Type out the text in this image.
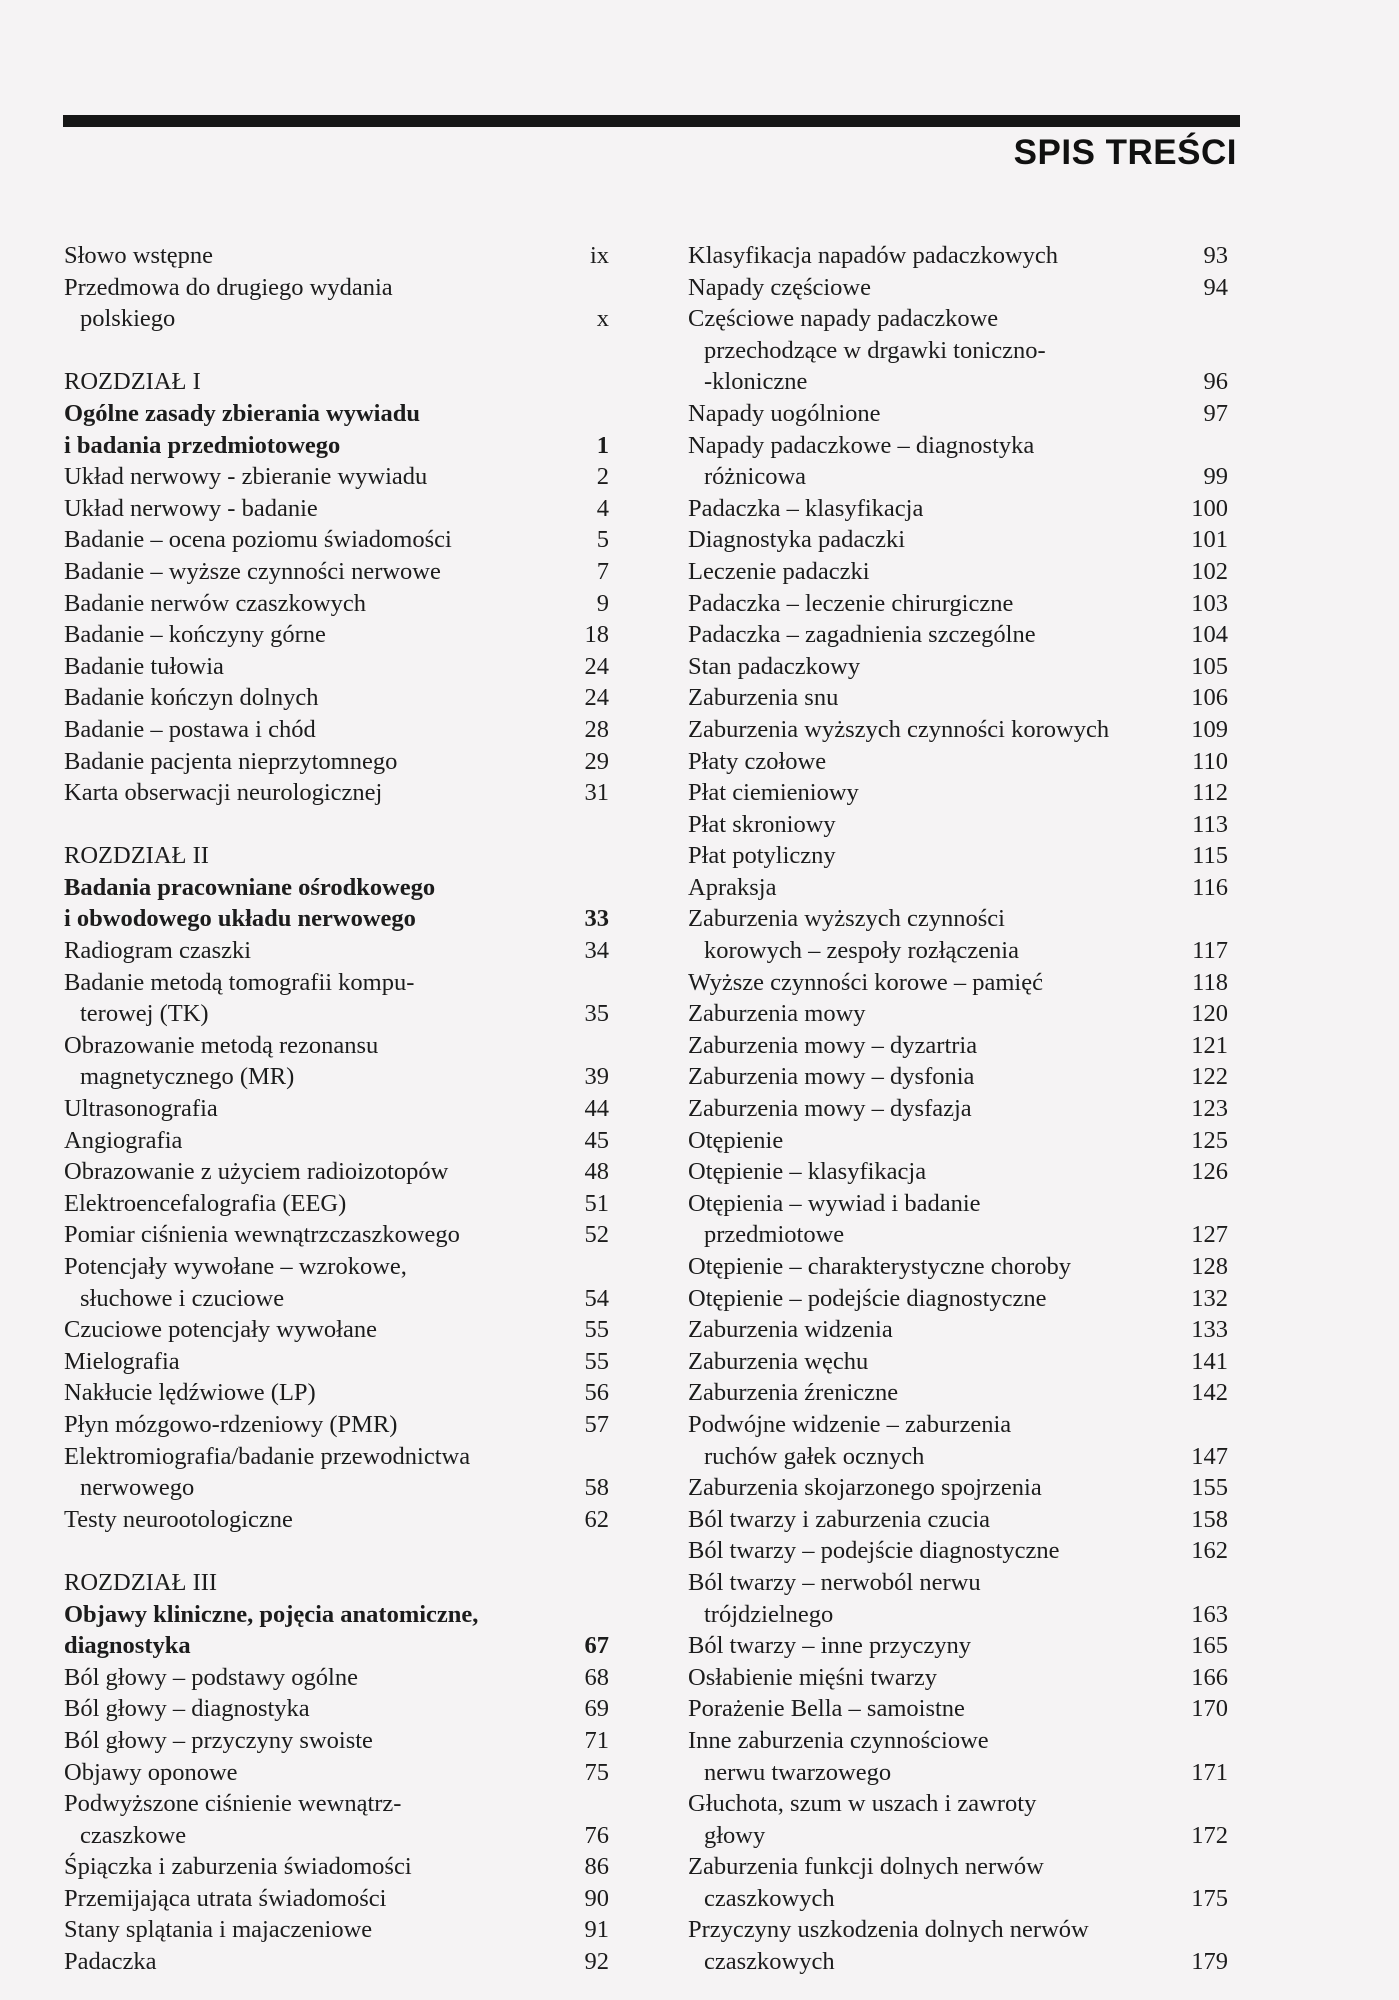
SPIS TREŚCI
Słowo wstępne	ix
Przedmowa do drugiego wydania
polskiego	x
ROZDZIAŁ I
Ogólne zasady zbierania wywiadu
i badania przedmiotowego	1
Układ nerwowy - zbieranie wywiadu	2
Układ nerwowy - badanie	4
Badanie – ocena poziomu świadomości	5
Badanie – wyższe czynności nerwowe	7
Badanie nerwów czaszkowych	9
Badanie – kończyny górne	18
Badanie tułowia	24
Badanie kończyn dolnych	24
Badanie – postawa i chód	28
Badanie pacjenta nieprzytomnego	29
Karta obserwacji neurologicznej	31
ROZDZIAŁ II
Badania pracowniane ośrodkowego
i obwodowego układu nerwowego	33
Radiogram czaszki	34
Badanie metodą tomografii kompu-
terowej (TK)	35
Obrazowanie metodą rezonansu
magnetycznego (MR)	39
Ultrasonografia	44
Angiografia	45
Obrazowanie z użyciem radioizotopów	48
Elektroencefalografia (EEG)	51
Pomiar ciśnienia wewnątrzczaszkowego	52
Potencjały wywołane – wzrokowe,
słuchowe i czuciowe	54
Czuciowe potencjały wywołane	55
Mielografia	55
Nakłucie lędźwiowe (LP)	56
Płyn mózgowo-rdzeniowy (PMR)	57
Elektromiografia/badanie przewodnictwa
nerwowego	58
Testy neurootologiczne	62
ROZDZIAŁ III
Objawy kliniczne, pojęcia anatomiczne,
diagnostyka	67
Ból głowy – podstawy ogólne	68
Ból głowy – diagnostyka	69
Ból głowy – przyczyny swoiste	71
Objawy oponowe	75
Podwyższone ciśnienie wewnątrz-
czaszkowe	76
Śpiączka i zaburzenia świadomości	86
Przemijająca utrata świadomości	90
Stany splątania i majaczeniowe	91
Padaczka	92
Klasyfikacja napadów padaczkowych	93
Napady częściowe	94
Częściowe napady padaczkowe
przechodzące w drgawki toniczno-
-kloniczne	96
Napady uogólnione	97
Napady padaczkowe – diagnostyka
różnicowa	99
Padaczka – klasyfikacja	100
Diagnostyka padaczki	101
Leczenie padaczki	102
Padaczka – leczenie chirurgiczne	103
Padaczka – zagadnienia szczególne	104
Stan padaczkowy	105
Zaburzenia snu	106
Zaburzenia wyższych czynności korowych	109
Płaty czołowe	110
Płat ciemieniowy	112
Płat skroniowy	113
Płat potyliczny	115
Apraksja	116
Zaburzenia wyższych czynności
korowych – zespoły rozłączenia	117
Wyższe czynności korowe – pamięć	118
Zaburzenia mowy	120
Zaburzenia mowy – dyzartria	121
Zaburzenia mowy – dysfonia	122
Zaburzenia mowy – dysfazja	123
Otępienie	125
Otępienie – klasyfikacja	126
Otępienia – wywiad i badanie
przedmiotowe	127
Otępienie – charakterystyczne choroby	128
Otępienie – podejście diagnostyczne	132
Zaburzenia widzenia	133
Zaburzenia węchu	141
Zaburzenia źreniczne	142
Podwójne widzenie – zaburzenia
ruchów gałek ocznych	147
Zaburzenia skojarzonego spojrzenia	155
Ból twarzy i zaburzenia czucia	158
Ból twarzy – podejście diagnostyczne	162
Ból twarzy – nerwoból nerwu
trójdzielnego	163
Ból twarzy – inne przyczyny	165
Osłabienie mięśni twarzy	166
Porażenie Bella – samoistne	170
Inne zaburzenia czynnościowe
nerwu twarzowego	171
Głuchota, szum w uszach i zawroty
głowy	172
Zaburzenia funkcji dolnych nerwów
czaszkowych	175
Przyczyny uszkodzenia dolnych nerwów
czaszkowych	179
